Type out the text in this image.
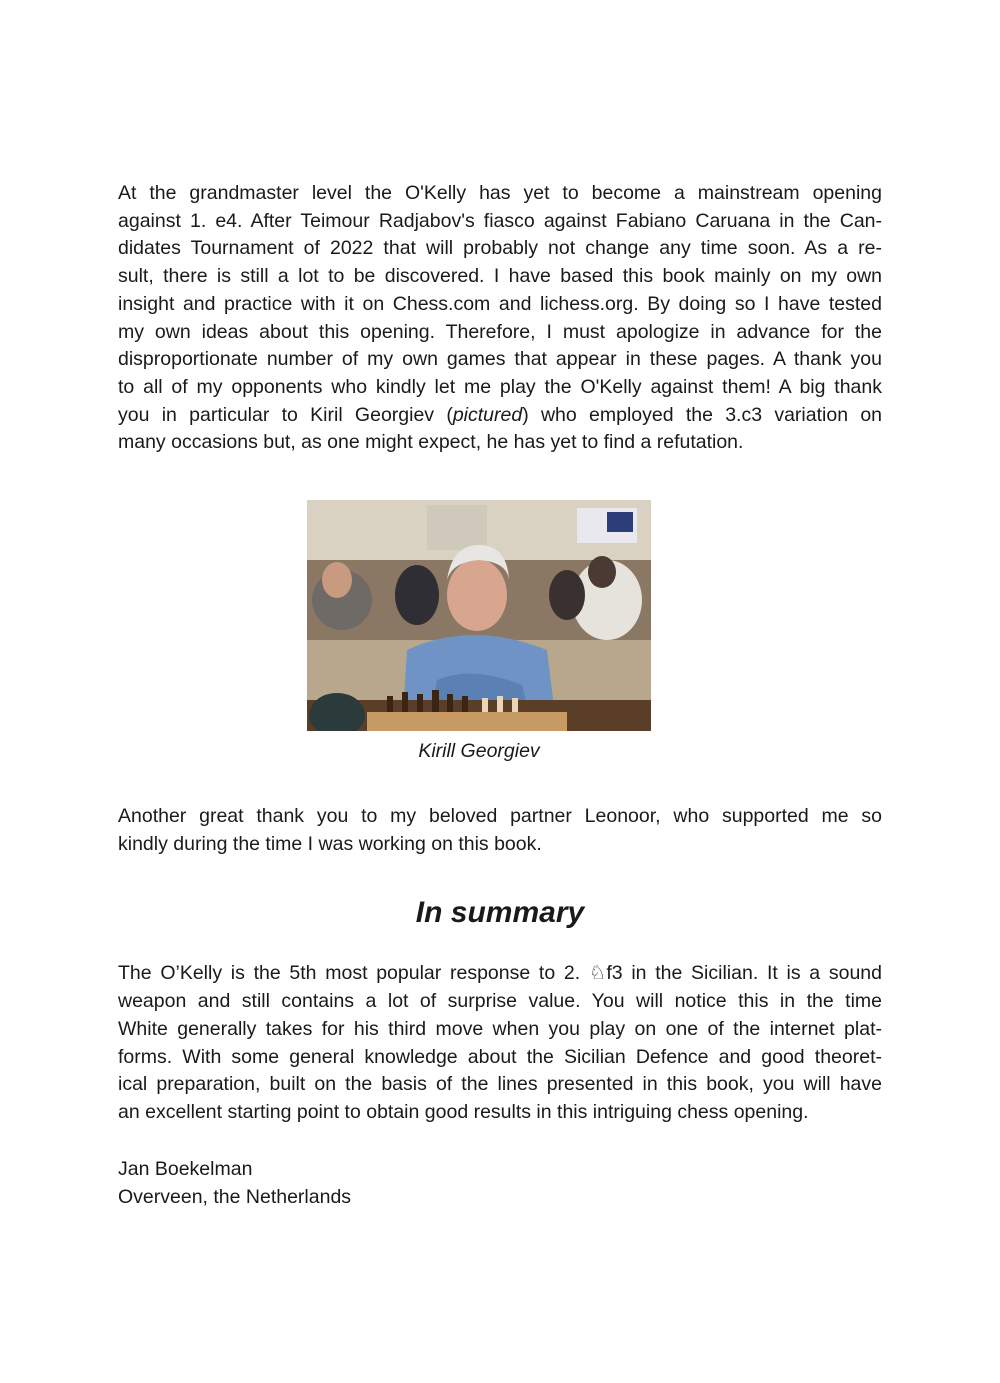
At the grandmaster level the O'Kelly has yet to become a mainstream opening
against 1. e4. After Teimour Radjabov's fiasco against Fabiano Caruana in the Can-
didates Tournament of 2022 that will probably not change any time soon. As a re-
sult, there is still a lot to be discovered. I have based this book mainly on my own
insight and practice with it on Chess.com and lichess.org. By doing so I have tested
my own ideas about this opening. Therefore, I must apologize in advance for the
disproportionate number of my own games that appear in these pages. A thank you
to all of my opponents who kindly let me play the O'Kelly against them! A big thank
you in particular to Kiril Georgiev (pictured) who employed the 3.c3 variation on
many occasions but, as one might expect, he has yet to find a refutation.

Kirill Georgiev

Another great thank you to my beloved partner Leonoor, who supported me so
kindly during the time I was working on this book.

In summary

The O’Kelly is the 5th most popular response to 2. ♘f3 in the Sicilian. It is a sound
weapon and still contains a lot of surprise value. You will notice this in the time
White generally takes for his third move when you play on one of the internet plat-
forms. With some general knowledge about the Sicilian Defence and good theoret-
ical preparation, built on the basis of the lines presented in this book, you will have
an excellent starting point to obtain good results in this intriguing chess opening.

Jan Boekelman
Overveen, the Netherlands
